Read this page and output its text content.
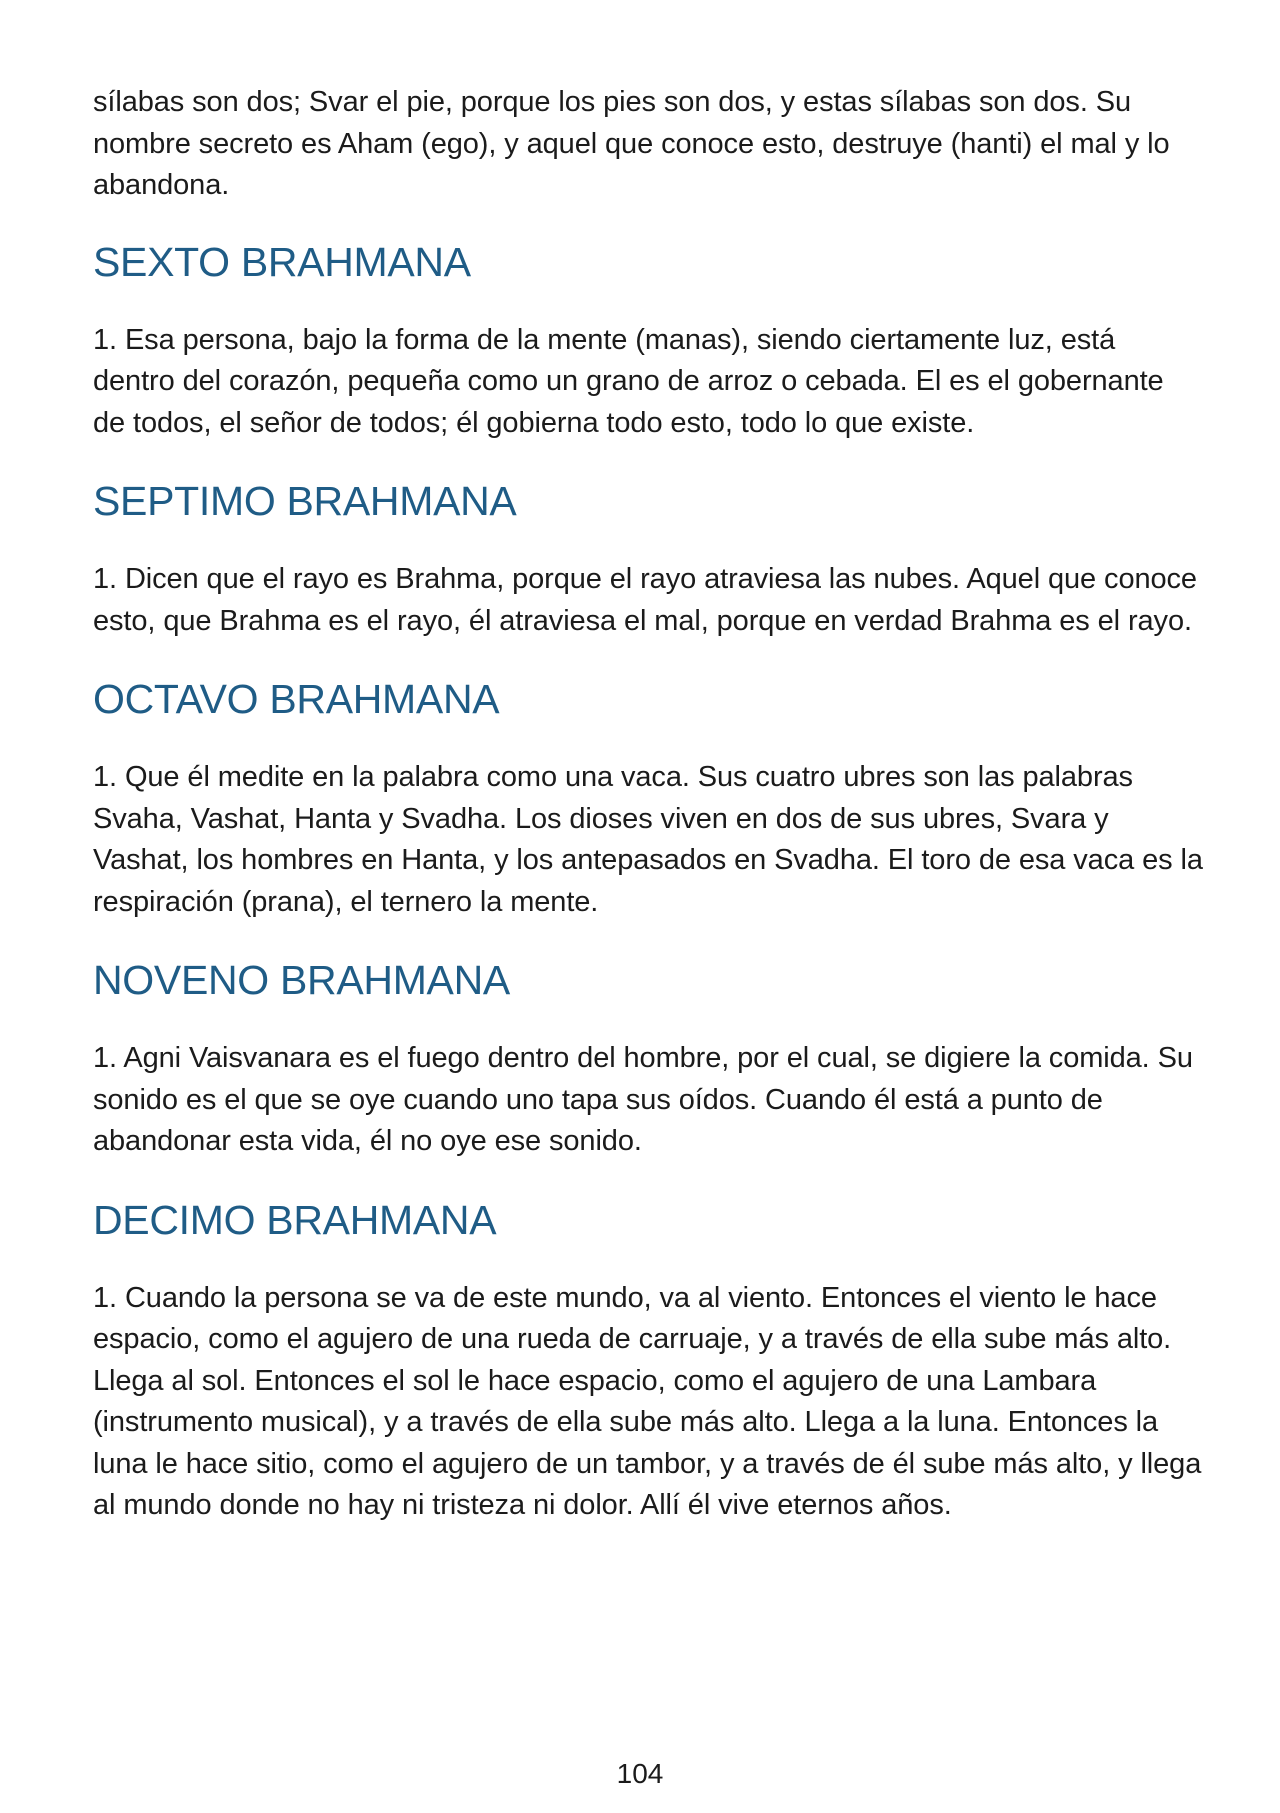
sílabas son dos; Svar el pie, porque los pies son dos, y estas sílabas son dos. Su nombre secreto es Aham (ego), y aquel que conoce esto, destruye (hanti) el mal y lo abandona.

SEXTO BRAHMANA

1. Esa persona, bajo la forma de la mente (manas), siendo ciertamente luz, está dentro del corazón, pequeña como un grano de arroz o cebada. El es el gobernante de todos, el señor de todos; él gobierna todo esto, todo lo que existe.

SEPTIMO BRAHMANA

1. Dicen que el rayo es Brahma, porque el rayo atraviesa las nubes. Aquel que conoce esto, que Brahma es el rayo, él atraviesa el mal, porque en verdad Brahma es el rayo.

OCTAVO BRAHMANA

1. Que él medite en la palabra como una vaca. Sus cuatro ubres son las palabras Svaha, Vashat, Hanta y Svadha. Los dioses viven en dos de sus ubres, Svara y Vashat, los hombres en Hanta, y los antepasados en Svadha. El toro de esa vaca es la respiración (prana), el ternero la mente.

NOVENO BRAHMANA

1. Agni Vaisvanara es el fuego dentro del hombre, por el cual, se digiere la comida. Su sonido es el que se oye cuando uno tapa sus oídos. Cuando él está a punto de abandonar esta vida, él no oye ese sonido.

DECIMO BRAHMANA

1. Cuando la persona se va de este mundo, va al viento. Entonces el viento le hace espacio, como el agujero de una rueda de carruaje, y a través de ella sube más alto. Llega al sol. Entonces el sol le hace espacio, como el agujero de una Lambara (instrumento musical), y a través de ella sube más alto. Llega a la luna. Entonces la luna le hace sitio, como el agujero de un tambor, y a través de él sube más alto, y llega al mundo donde no hay ni tristeza ni dolor. Allí él vive eternos años.

104
